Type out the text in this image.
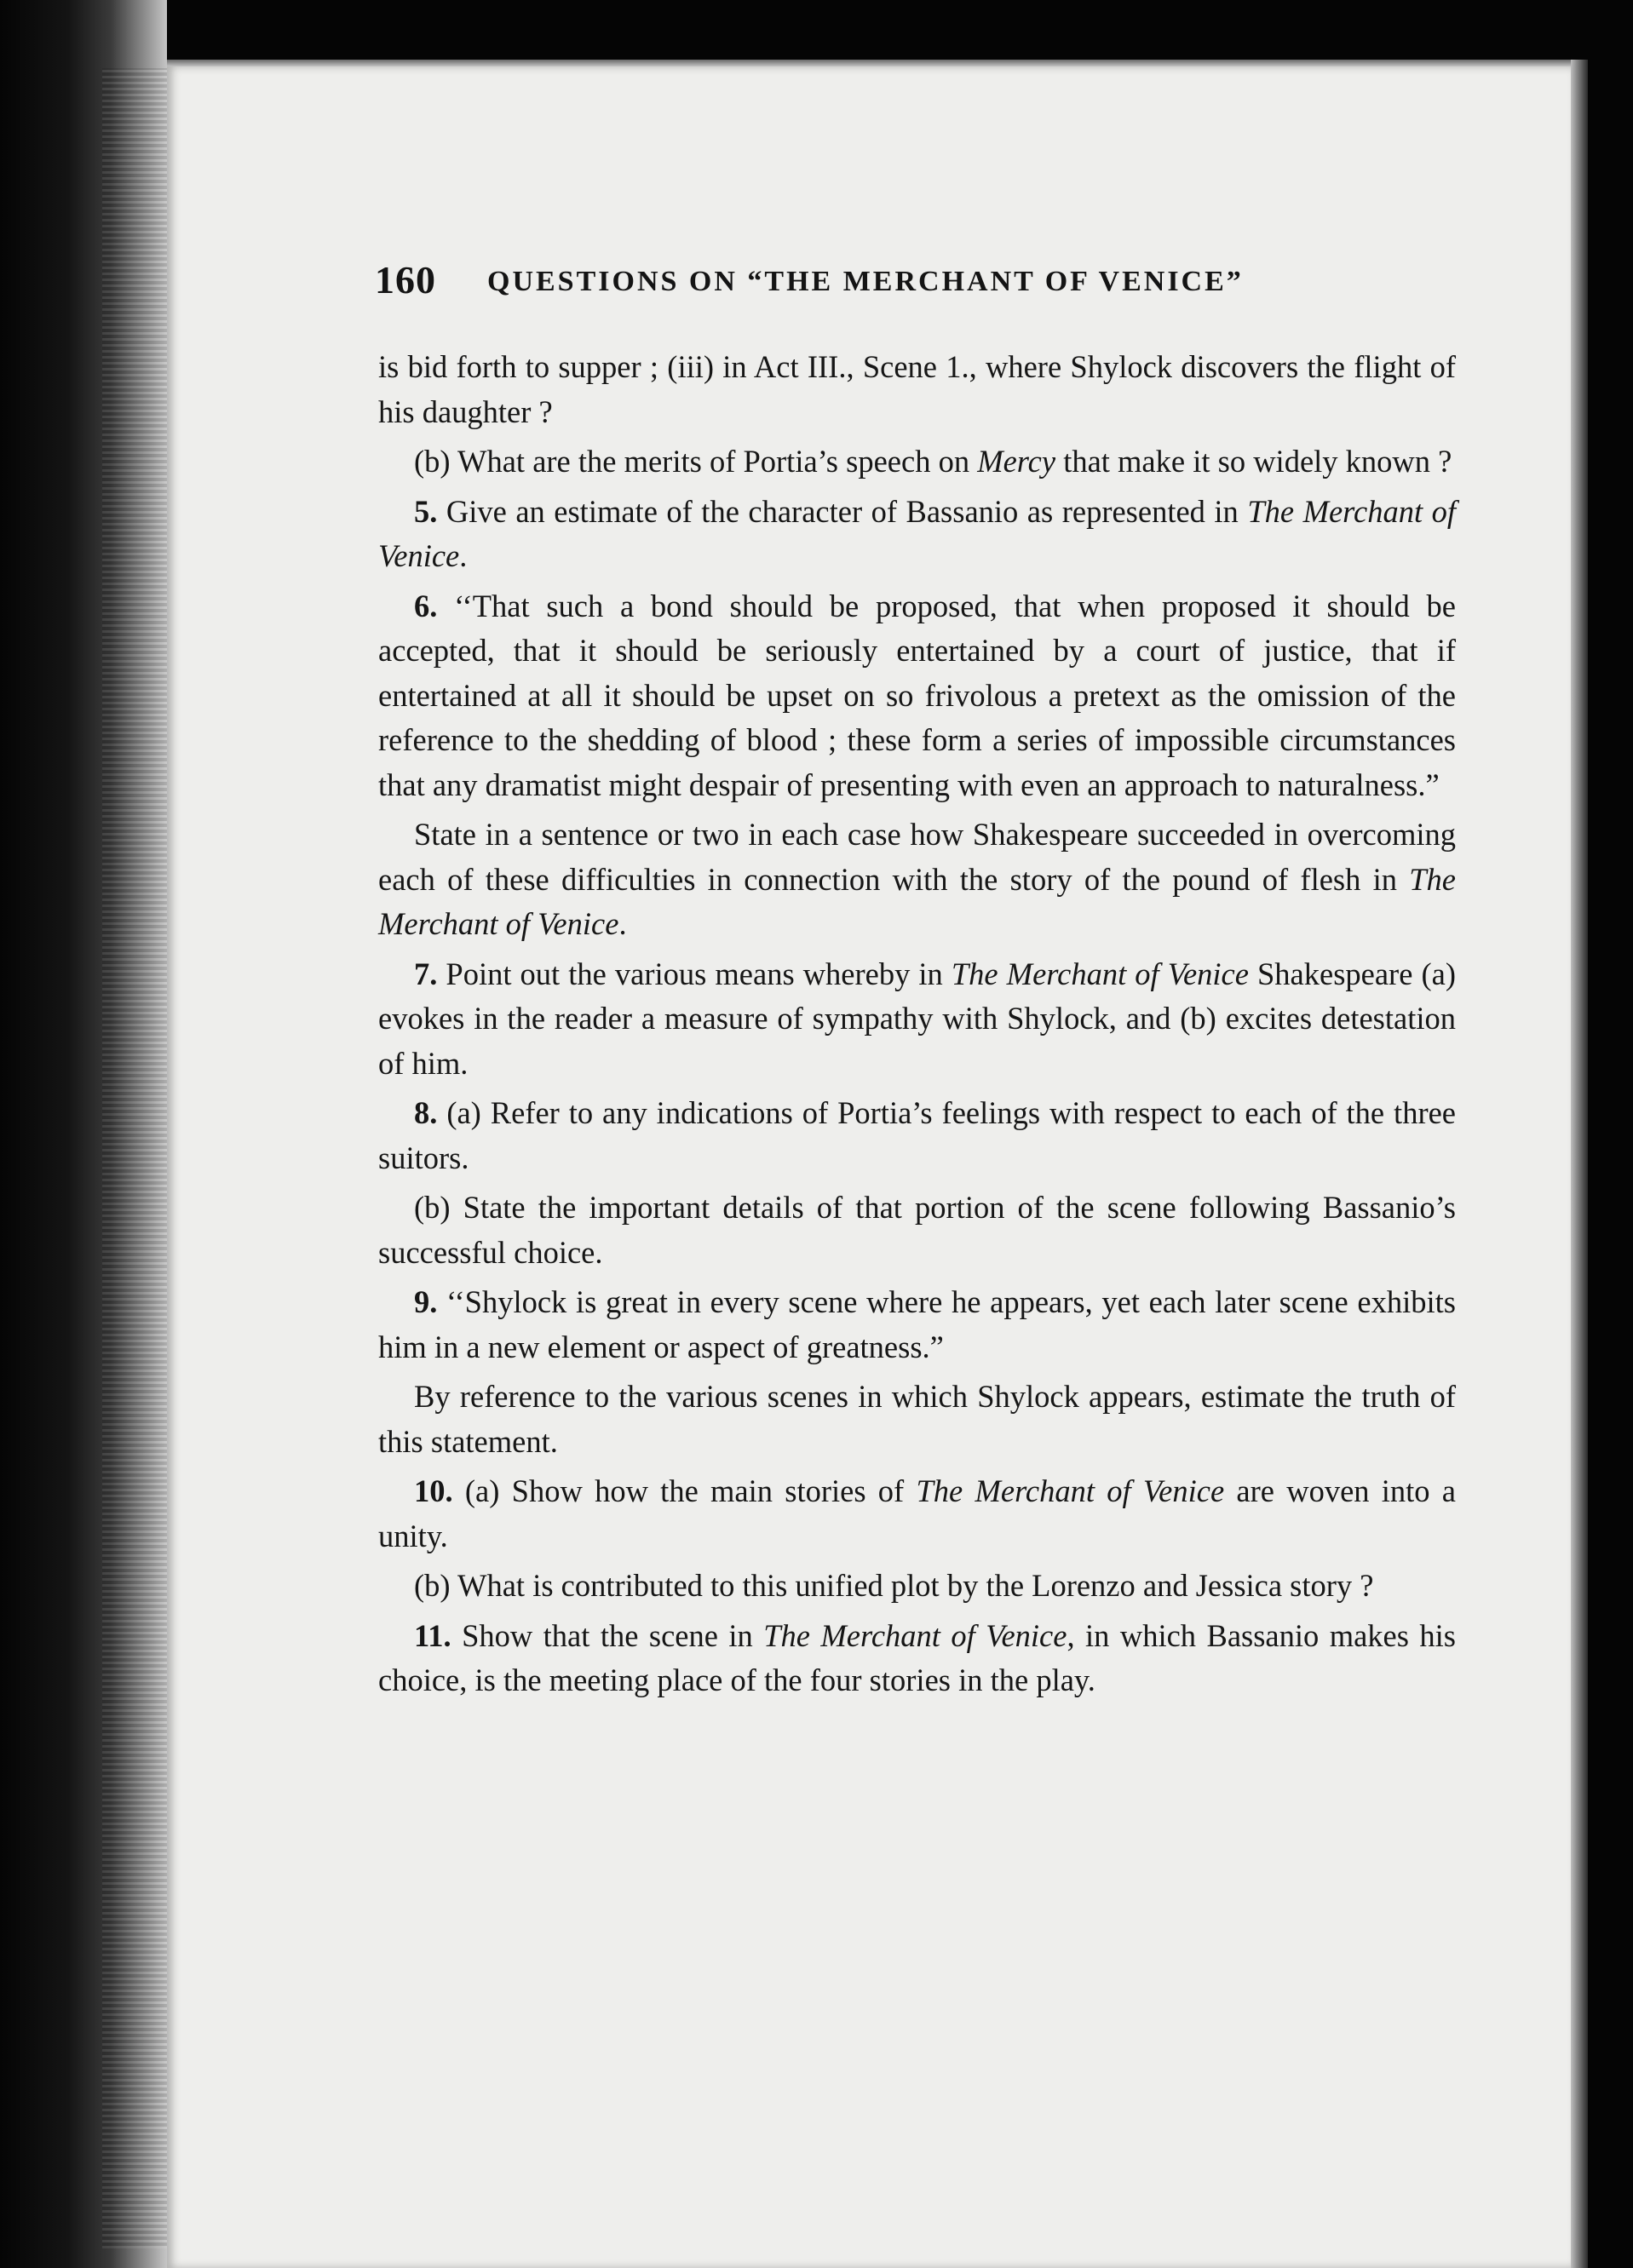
160 QUESTIONS ON “THE MERCHANT OF VENICE”

is bid forth to supper ; (iii) in Act III., Scene 1., where Shylock discovers the flight of his daughter ?

(b) What are the merits of Portia’s speech on Mercy that make it so widely known ?

5. Give an estimate of the character of Bassanio as represented in The Merchant of Venice.

6. ‘‘That such a bond should be proposed, that when proposed it should be accepted, that it should be seriously entertained by a court of justice, that if entertained at all it should be upset on so frivolous a pretext as the omission of the reference to the shedding of blood ; these form a series of impossible circumstances that any dramatist might despair of presenting with even an approach to naturalness.”

State in a sentence or two in each case how Shakespeare succeeded in overcoming each of these difficulties in connection with the story of the pound of flesh in The Merchant of Venice.

7. Point out the various means whereby in The Merchant of Venice Shakespeare (a) evokes in the reader a measure of sympathy with Shylock, and (b) excites detestation of him.

8. (a) Refer to any indications of Portia’s feelings with respect to each of the three suitors.

(b) State the important details of that portion of the scene following Bassanio’s successful choice.

9. ‘‘Shylock is great in every scene where he appears, yet each later scene exhibits him in a new element or aspect of greatness.”

By reference to the various scenes in which Shylock appears, estimate the truth of this statement.

10. (a) Show how the main stories of The Merchant of Venice are woven into a unity.

(b) What is contributed to this unified plot by the Lorenzo and Jessica story ?

11. Show that the scene in The Merchant of Venice, in which Bassanio makes his choice, is the meeting place of the four stories in the play.
